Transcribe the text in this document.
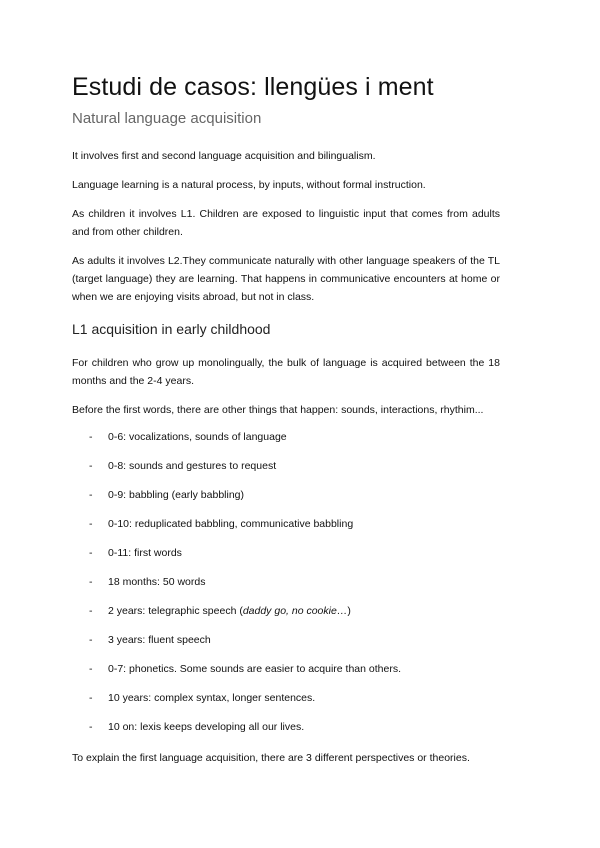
Estudi de casos: llengües i ment
Natural language acquisition

It involves first and second language acquisition and bilingualism.

Language learning is a natural process, by inputs, without formal instruction.

As children it involves L1. Children are exposed to linguistic input that comes from adults and from other children.

As adults it involves L2.They communicate naturally with other language speakers of the TL (target language) they are learning. That happens in communicative encounters at home or when we are enjoying visits abroad, but not in class.

L1 acquisition in early childhood

For children who grow up monolingually, the bulk of language is acquired between the 18 months and the 2-4 years.

Before the first words, there are other things that happen: sounds, interactions, rhythim...

- 0-6: vocalizations, sounds of language
- 0-8: sounds and gestures to request
- 0-9: babbling (early babbling)
- 0-10: reduplicated babbling, communicative babbling
- 0-11: first words
- 18 months: 50 words
- 2 years: telegraphic speech (daddy go, no cookie…)
- 3 years: fluent speech
- 0-7: phonetics. Some sounds are easier to acquire than others.
- 10 years: complex syntax, longer sentences.
- 10 on: lexis keeps developing all our lives.

To explain the first language acquisition, there are 3 different perspectives or theories.
